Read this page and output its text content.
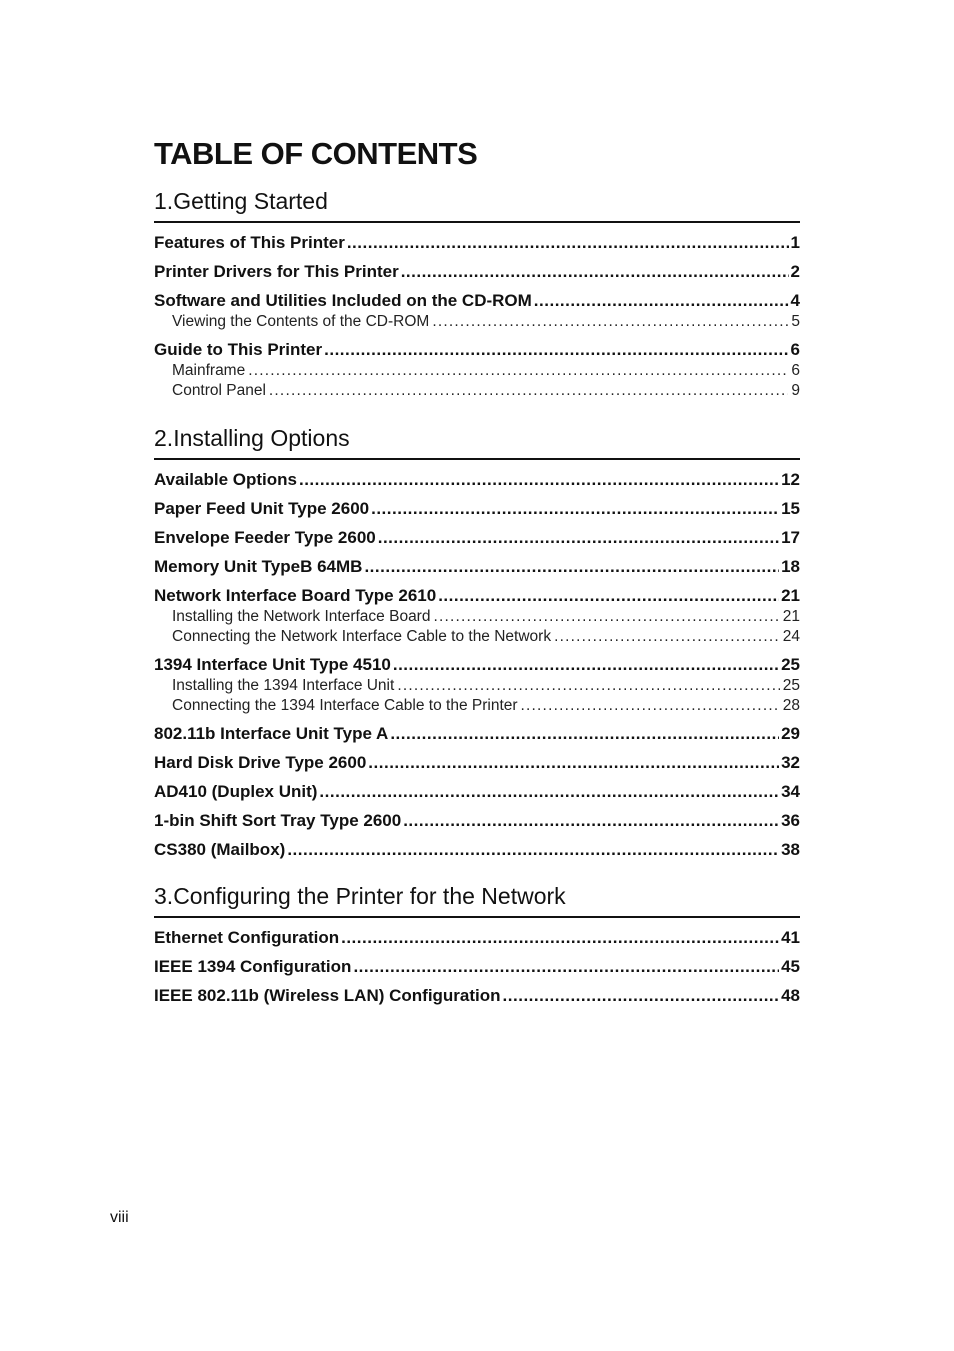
TABLE OF CONTENTS
1.Getting Started
Features of This Printer .....	1
Printer Drivers for This Printer .....	2
Software and Utilities Included on the CD-ROM .....	4
Viewing the Contents of the CD-ROM .....	5
Guide to This Printer .....	6
Mainframe .....	6
Control Panel .....	9
2.Installing Options
Available Options .....	12
Paper Feed Unit Type 2600 .....	15
Envelope Feeder Type 2600 .....	17
Memory Unit TypeB 64MB .....	18
Network Interface Board Type 2610 .....	21
Installing the Network Interface Board .....	21
Connecting the Network Interface Cable to the Network .....	24
1394 Interface Unit Type 4510 .....	25
Installing the 1394 Interface Unit .....	25
Connecting the 1394 Interface Cable to the Printer .....	28
802.11b Interface Unit Type A .....	29
Hard Disk Drive Type 2600 .....	32
AD410 (Duplex Unit) .....	34
1-bin Shift Sort Tray Type 2600 .....	36
CS380 (Mailbox) .....	38
3.Configuring the Printer for the Network
Ethernet Configuration .....	41
IEEE 1394 Configuration .....	45
IEEE 802.11b (Wireless LAN) Configuration .....	48
viii
